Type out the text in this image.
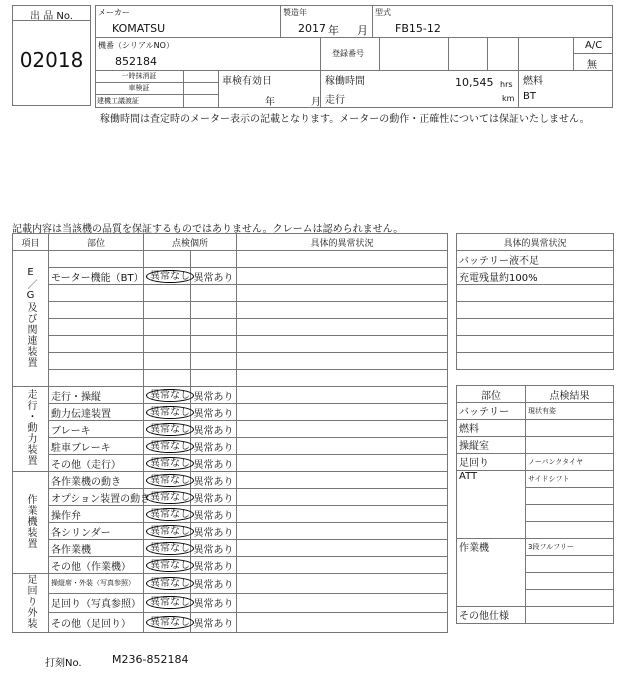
出 品 No.
02018
メーカー
KOMATSU
製造年
2017 年 月
型式
FB15-12
機番（シリアルNO）
852184
登録番号
A/C
無
一時抹消証
車検証
建機工議渡証
車検有効日
年	月
稼働時間	10,545 hrs
走行	km
燃料
BT
稼働時間は査定時のメーター表示の記載となります。メーターの動作・正確性については保証いたしません。
記載内容は当該機の品質を保証するものではありません。クレームは認められません。
項目	部位	点検個所		具体的異常状況
E／G及び関連装置				
	モーター機能（BT）	異常なし	異常あり	

走行・動力装置	走行・操縦	異常なし	異常あり	
	動力伝達装置	異常なし	異常あり	
	ブレーキ	異常なし	異常あり	
	駐車ブレーキ	異常なし	異常あり	
	その他（走行）	異常なし	異常あり	
作業機装置	各作業機の動き	異常なし	異常あり	
	オプション装置の動き	異常なし	異常あり	
	操作弁	異常なし	異常あり	
	各シリンダー	異常なし	異常あり	
	各作業機	異常なし	異常あり	
	その他（作業機）	異常なし	異常あり	
足回り外装	操縦席・外装（写真参照）	異常なし	異常あり	
	足回り（写真参照）	異常なし	異常あり	
	その他（足回り）	異常なし	異常あり	
具体的異常状況
バッテリー液不足
充電残量約100%

部位	点検結果
バッテリー	現状有姿
燃料	
操縦室	
足回り	ノーパンクタイヤ
ATT	サイドシフト

作業機	3段フルフリー

その他仕様	
打刻No.	M236-852184
